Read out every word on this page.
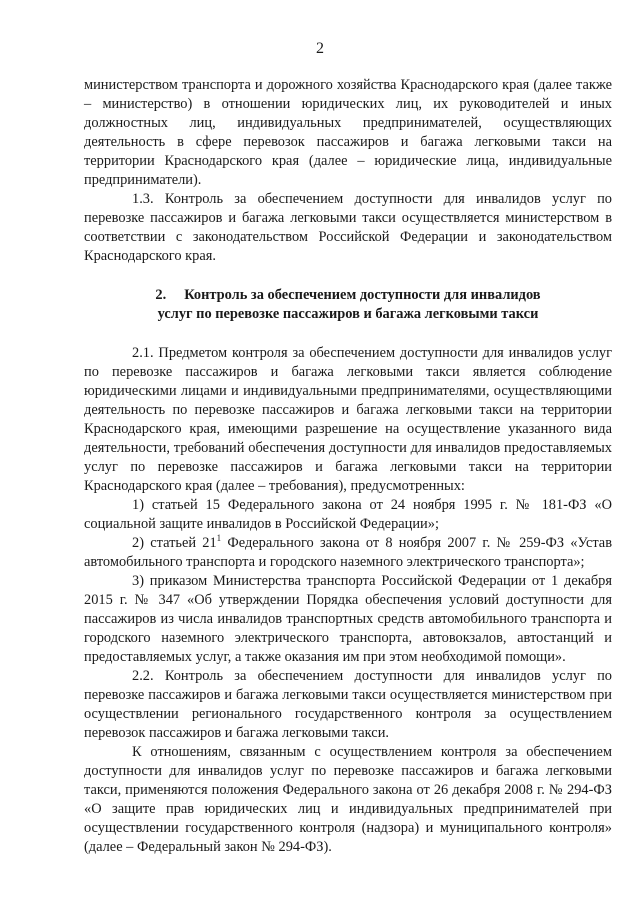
2

министерством транспорта и дорожного хозяйства Краснодарского края (далее также – министерство) в отношении юридических лиц, их руководителей и иных должностных лиц, индивидуальных предпринимателей, осуществляющих деятельность в сфере перевозок пассажиров и багажа легковыми такси на территории Краснодарского края (далее – юридические лица, индивидуальные предприниматели).

1.3. Контроль за обеспечением доступности для инвалидов услуг по перевозке пассажиров и багажа легковыми такси осуществляется министерством в соответствии с законодательством Российской Федерации и законодательством Краснодарского края.

2.     Контроль за обеспечением доступности для инвалидов
услуг по перевозке пассажиров и багажа легковыми такси

2.1. Предметом контроля за обеспечением доступности для инвалидов услуг по перевозке пассажиров и багажа легковыми такси является соблюдение юридическими лицами и индивидуальными предпринимателями, осуществляющими деятельность по перевозке пассажиров и багажа легковыми такси на территории Краснодарского края, имеющими разрешение на осуществление указанного вида деятельности, требований обеспечения доступности для инвалидов предоставляемых услуг по перевозке пассажиров и багажа легковыми такси на территории Краснодарского края (далее – требования), предусмотренных:

1) статьей 15 Федерального закона от 24 ноября 1995 г. № 181-ФЗ «О социальной защите инвалидов в Российской Федерации»;

2) статьей $21^1$ Федерального закона от 8 ноября 2007 г. № 259-ФЗ «Устав автомобильного транспорта и городского наземного электрического транспорта»;

3) приказом Министерства транспорта Российской Федерации от 1 декабря 2015 г. № 347 «Об утверждении Порядка обеспечения условий доступности для пассажиров из числа инвалидов транспортных средств автомобильного транспорта и городского наземного электрического транспорта, автовокзалов, автостанций и предоставляемых услуг, а также оказания им при этом необходимой помощи».

2.2. Контроль за обеспечением доступности для инвалидов услуг по перевозке пассажиров и багажа легковыми такси осуществляется министерством при осуществлении регионального государственного контроля за осуществлением перевозок пассажиров и багажа легковыми такси.

К отношениям, связанным с осуществлением контроля за обеспечением доступности для инвалидов услуг по перевозке пассажиров и багажа легковыми такси, применяются положения Федерального закона от 26 декабря 2008 г. № 294-ФЗ «О защите прав юридических лиц и индивидуальных предпринимателей при осуществлении государственного контроля (надзора) и муниципального контроля» (далее – Федеральный закон № 294-ФЗ).
